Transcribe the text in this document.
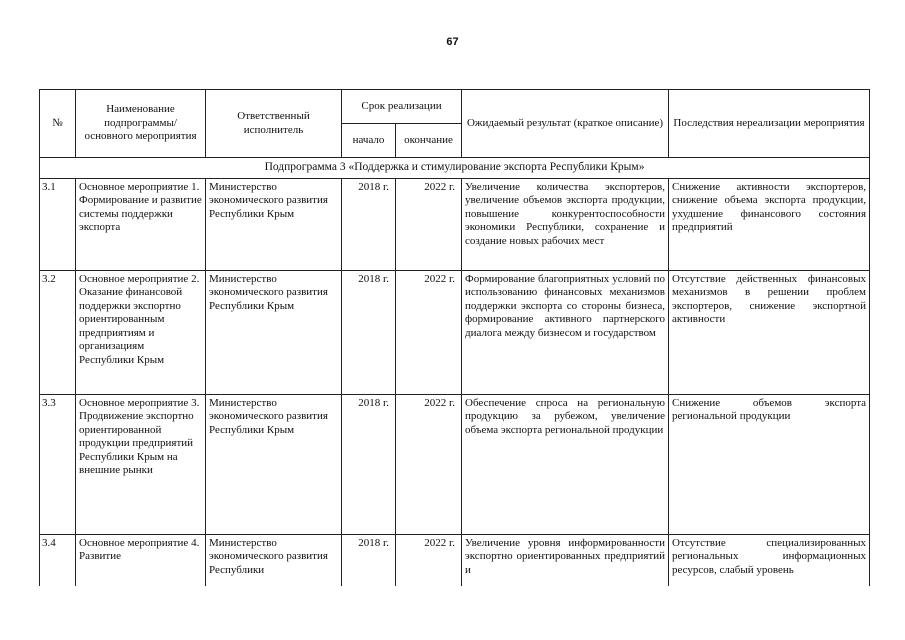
67
№	Наименование подпрограммы/ основного мероприятия	Ответственный исполнитель	Срок реализации		Ожидаемый результат (краткое описание)	Последствия нереализации мероприятия
			начало	окончание		
Подпрограмма 3 «Поддержка и стимулирование экспорта Республики Крым»						
3.1	Основное мероприятие 1. Формирование и развитие системы поддержки экспорта	Министерство экономического развития Республики Крым	2018 г.	2022 г.	Увеличение количества экспортеров, увеличение объемов экспорта продукции, повышение конкурентоспособности экономики Республики, сохранение и создание новых рабочих мест	Снижение активности экспортеров, снижение объема экспорта продукции, ухудшение финансового состояния предприятий
3.2	Основное мероприятие 2. Оказание финансовой поддержки экспортно ориентированным предприятиям и организациям Республики Крым	Министерство экономического развития Республики Крым	2018 г.	2022 г.	Формирование благоприятных условий по использованию финансовых механизмов поддержки экспорта со стороны бизнеса, формирование активного партнерского диалога между бизнесом и государством	Отсутствие действенных финансовых механизмов в решении проблем экспортеров, снижение экспортной активности
3.3	Основное мероприятие 3. Продвижение экспортно ориентированной продукции предприятий Республики Крым на внешние рынки	Министерство экономического развития Республики Крым	2018 г.	2022 г.	Обеспечение спроса на региональную продукцию за рубежом, увеличение объема экспорта региональной продукции	Снижение объемов экспорта региональной продукции
3.4	Основное мероприятие 4. Развитие	Министерство экономического развития Республики	2018 г.	2022 г.	Увеличение уровня информированности экспортно ориентированных предприятий и	Отсутствие специализированных региональных информационных ресурсов, слабый уровень
